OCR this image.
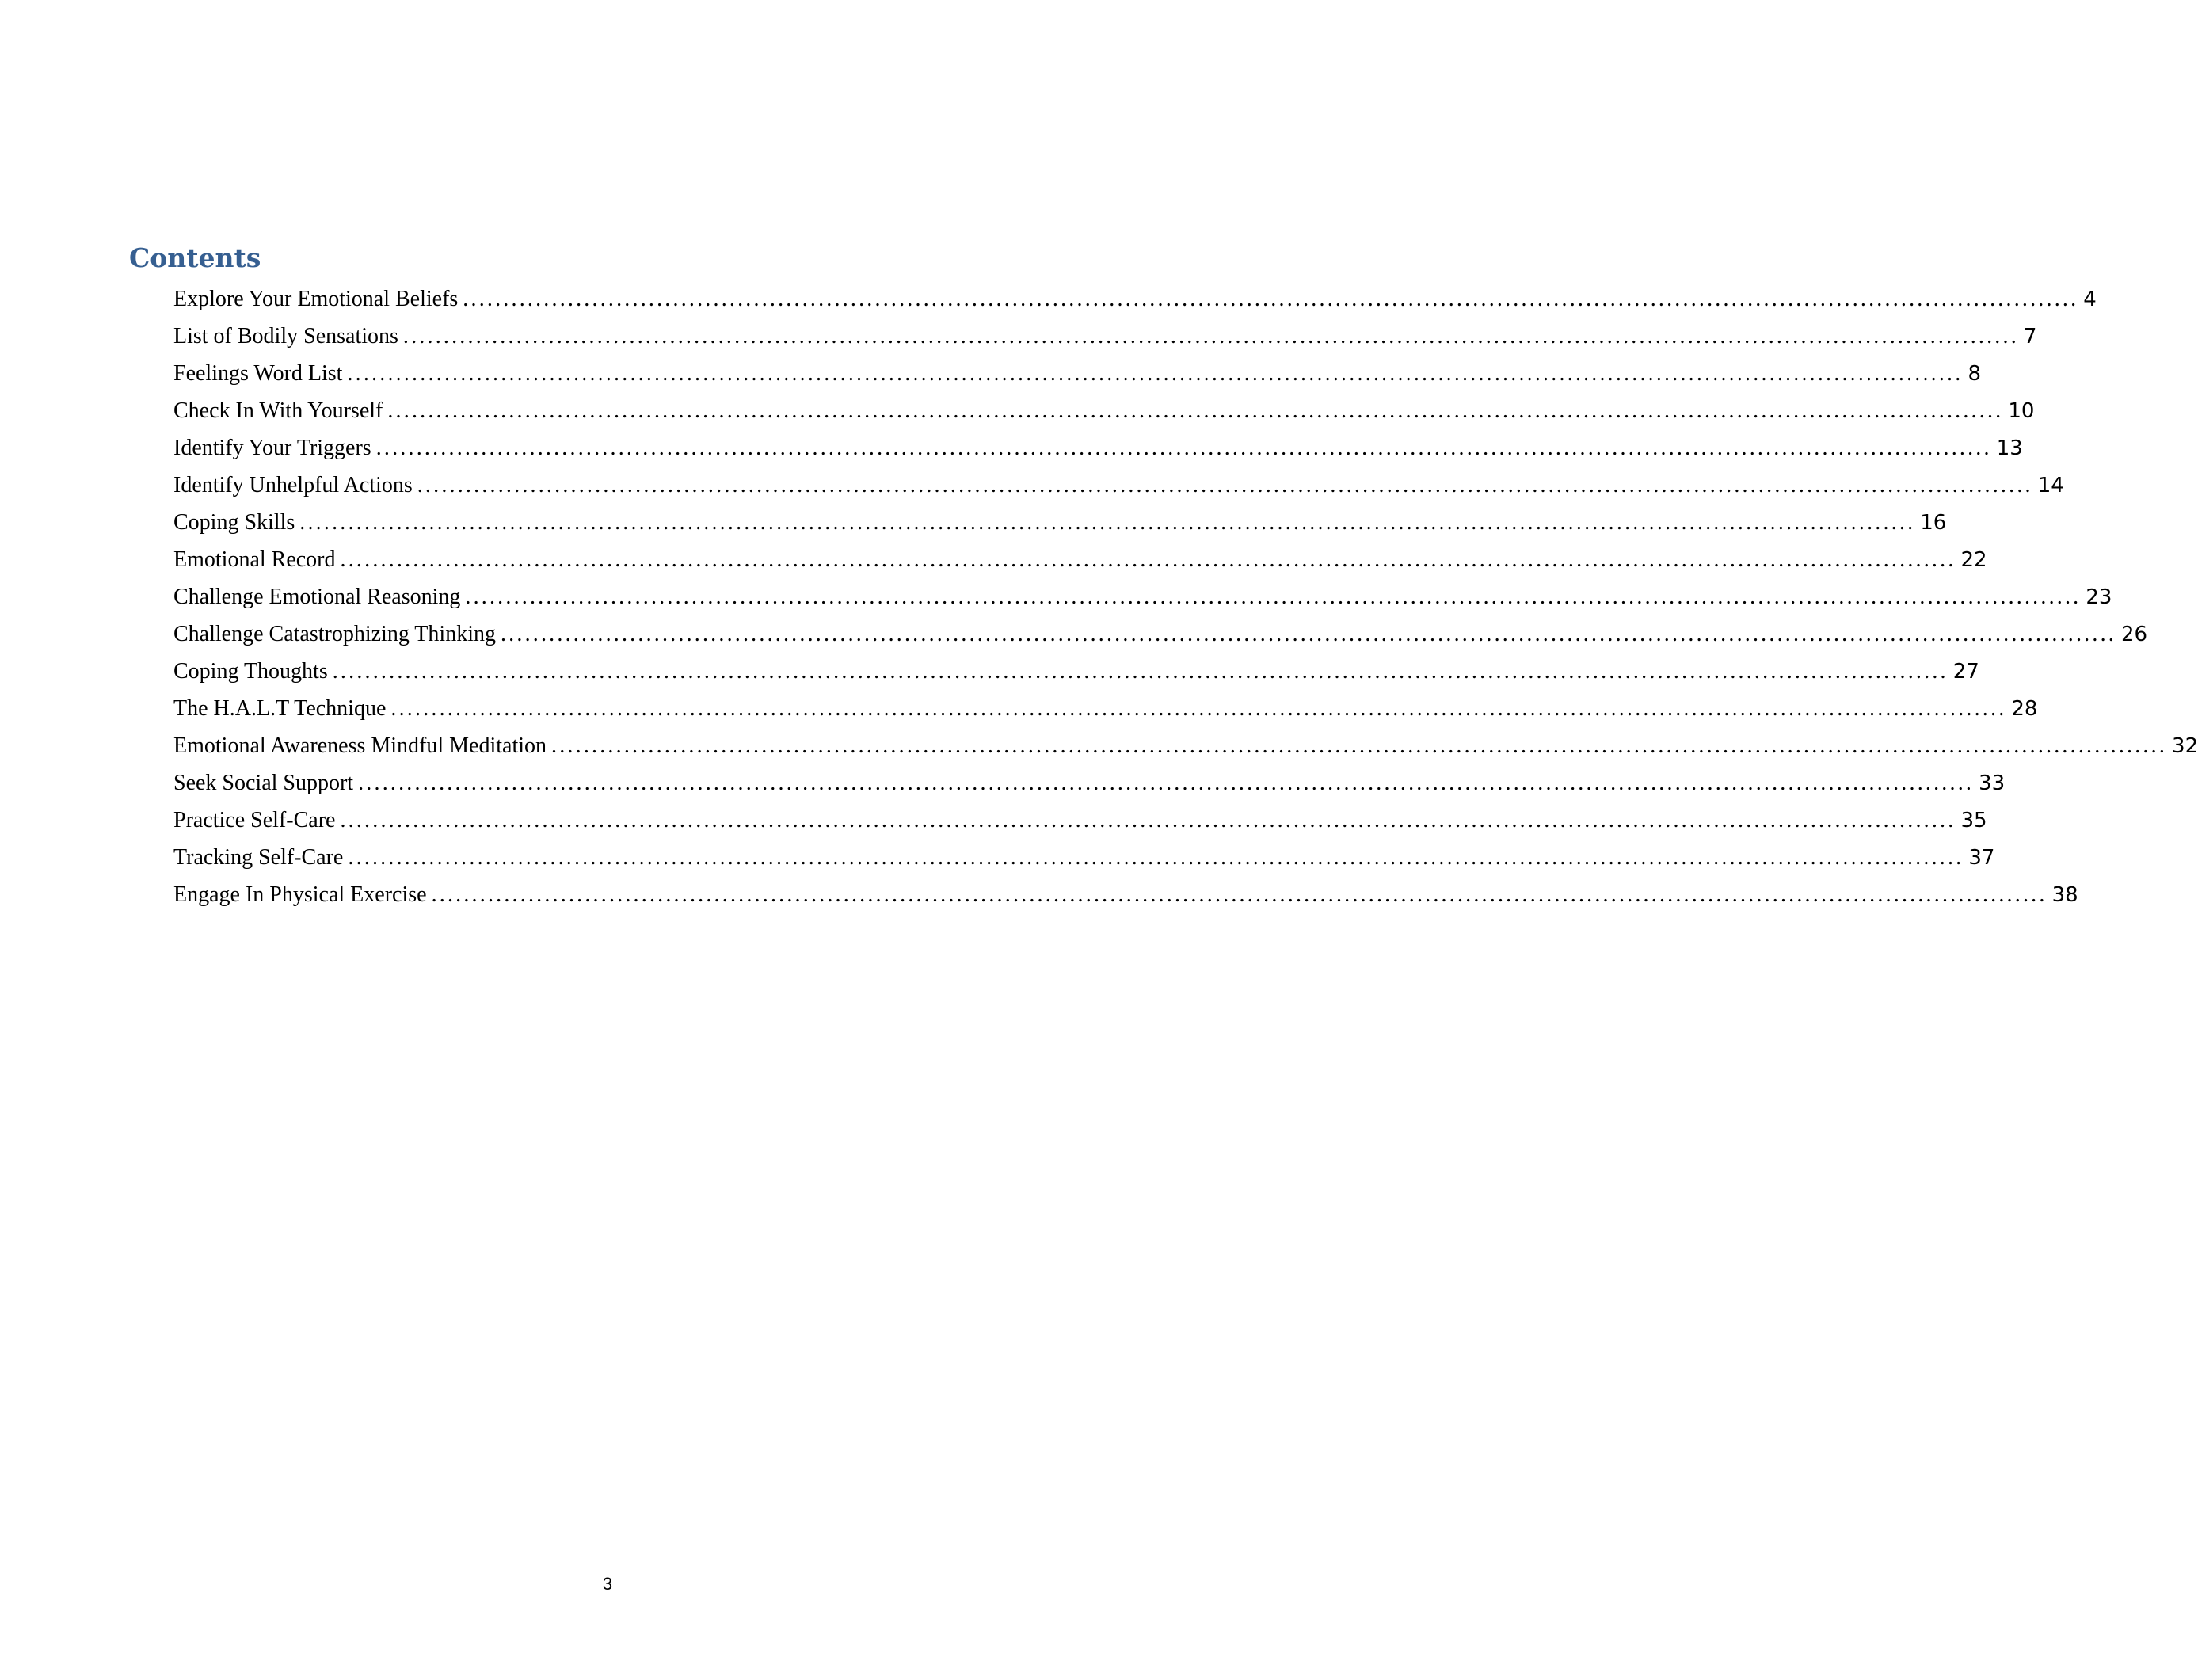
Contents
Explore Your Emotional Beliefs ........................................................................................................................................................................................................ 4
List of Bodily Sensations ........................................................................................................................................................................................................ 7
Feelings Word List ........................................................................................................................................................................................................ 8
Check In With Yourself ........................................................................................................................................................................................................ 10
Identify Your Triggers ........................................................................................................................................................................................................ 13
Identify Unhelpful Actions ........................................................................................................................................................................................................ 14
Coping Skills ........................................................................................................................................................................................................ 16
Emotional Record ........................................................................................................................................................................................................ 22
Challenge Emotional Reasoning ........................................................................................................................................................................................................ 23
Challenge Catastrophizing Thinking ........................................................................................................................................................................................................ 26
Coping Thoughts ........................................................................................................................................................................................................ 27
The H.A.L.T Technique ........................................................................................................................................................................................................ 28
Emotional Awareness Mindful Meditation ........................................................................................................................................................................................................ 32
Seek Social Support ........................................................................................................................................................................................................ 33
Practice Self-Care ........................................................................................................................................................................................................ 35
Tracking Self-Care ........................................................................................................................................................................................................ 37
Engage In Physical Exercise ........................................................................................................................................................................................................ 38
3
